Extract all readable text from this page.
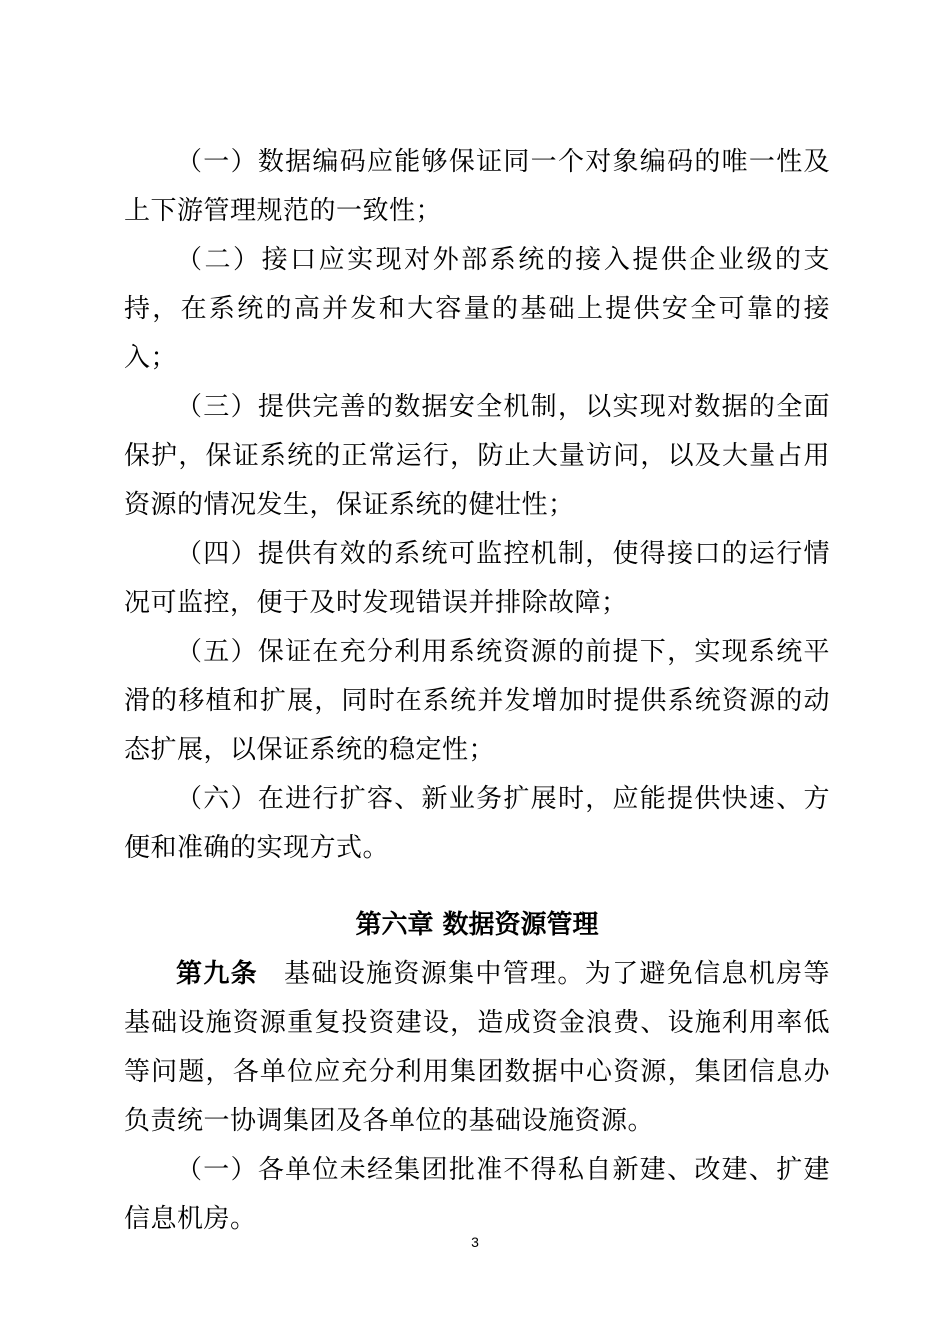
（一）数据编码应能够保证同一个对象编码的唯一性及上下游管理规范的一致性；

（二）接口应实现对外部系统的接入提供企业级的支持，在系统的高并发和大容量的基础上提供安全可靠的接入；

（三）提供完善的数据安全机制，以实现对数据的全面保护，保证系统的正常运行，防止大量访问，以及大量占用资源的情况发生，保证系统的健壮性；

（四）提供有效的系统可监控机制，使得接口的运行情况可监控，便于及时发现错误并排除故障；

（五）保证在充分利用系统资源的前提下，实现系统平滑的移植和扩展，同时在系统并发增加时提供系统资源的动态扩展，以保证系统的稳定性；

（六）在进行扩容、新业务扩展时，应能提供快速、方便和准确的实现方式。

第六章 数据资源管理

第九条 基础设施资源集中管理。为了避免信息机房等基础设施资源重复投资建设，造成资金浪费、设施利用率低等问题，各单位应充分利用集团数据中心资源，集团信息办负责统一协调集团及各单位的基础设施资源。

（一）各单位未经集团批准不得私自新建、改建、扩建信息机房。

3
